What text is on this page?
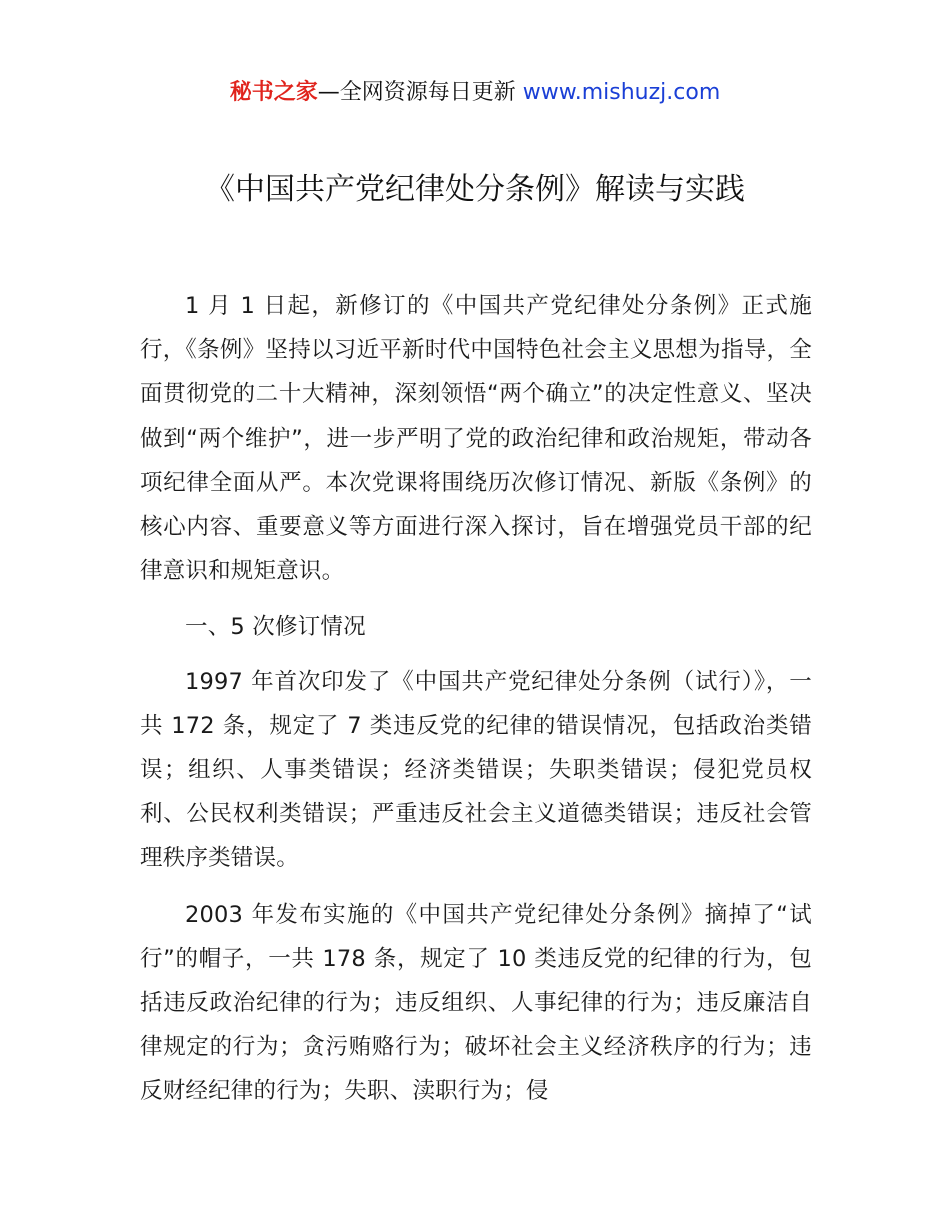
秘书之家—全网资源每日更新 www.mishuzj.com
《中国共产党纪律处分条例》解读与实践

1 月 1 日起，新修订的《中国共产党纪律处分条例》正式施行，《条例》坚持以习近平新时代中国特色社会主义思想为指导，全面贯彻党的二十大精神，深刻领悟“两个确立”的决定性意义、坚决做到“两个维护”，进一步严明了党的政治纪律和政治规矩，带动各项纪律全面从严。本次党课将围绕历次修订情况、新版《条例》的核心内容、重要意义等方面进行深入探讨，旨在增强党员干部的纪律意识和规矩意识。

一、5 次修订情况

1997 年首次印发了《中国共产党纪律处分条例（试行）》，一共 172 条，规定了 7 类违反党的纪律的错误情况，包括政治类错误；组织、人事类错误；经济类错误；失职类错误；侵犯党员权利、公民权利类错误；严重违反社会主义道德类错误；违反社会管理秩序类错误。

2003 年发布实施的《中国共产党纪律处分条例》摘掉了“试行”的帽子，一共 178 条，规定了 10 类违反党的纪律的行为，包括违反政治纪律的行为；违反组织、人事纪律的行为；违反廉洁自律规定的行为；贪污贿赂行为；破坏社会主义经济秩序的行为；违反财经纪律的行为；失职、渎职行为；侵
